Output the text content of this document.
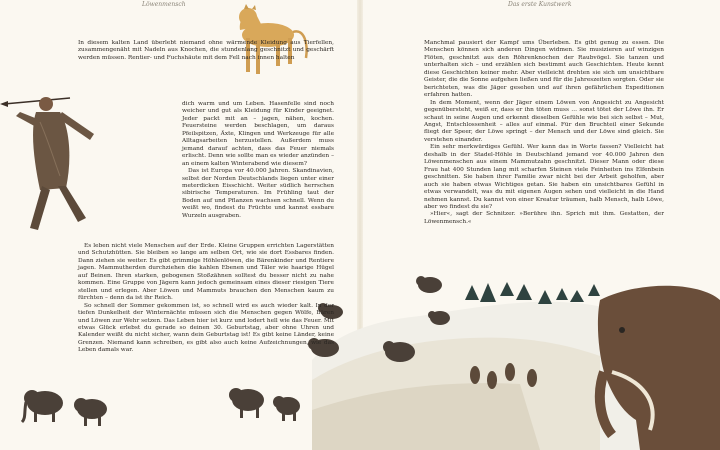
Löwenmensch	Das erste Kunstwerk

In diesem kalten Land überlebt niemand ohne wärmende Kleidung aus Tierfellen, zusammengenäht mit Nadeln aus Knochen, die stundenlang geschnitzt und geschärft werden müssen. Rentier- und Fuchshäute mit dem Fell nach innen halten

dich warm und um Leben. Hasenfelle sind noch weicher und gut als Kleidung für Kinder geeignet. Jeder packt mit an – jagen, nähen, kochen. Feuersteine werden beschlagen, um daraus Pfeilspitzen, Äxte, Klingen und Werkzeuge für alle Alltagsarbeiten herzustellen. Außerdem muss jemand darauf achten, dass das Feuer niemals erlischt. Denn wie sollte man es wieder anzünden – an einem kalten Winterabend wie diesem?

Das ist Europa vor 40.000 Jahren. Skandinavien, selbst der Norden Deutschlands liegen unter einer meterdicken Eisschicht. Weiter südlich herrschen sibirische Temperaturen. Im Frühling taut der Boden auf und Pflanzen wachsen schnell. Wenn du weißt wo, findest du Früchte und kannst essbare Wurzeln ausgraben.

Es leben nicht viele Menschen auf der Erde. Kleine Gruppen errichten Lagerstätten und Schutzhütten. Sie bleiben so lange am selben Ort, wie sie dort Essbares finden. Dann ziehen sie weiter. Es gibt grimmige Höhlenlöwen, die Bärenkinder und Rentiere jagen. Mammutherden durchziehen die kahlen Ebenen und Täler wie haarige Hügel auf Beinen. Ihren starken, gebogenen Stoßzähnen solltest du besser nicht zu nahe kommen. Eine Gruppe von Jägern kann jedoch gemeinsam eines dieser riesigen Tiere stellen und erlegen. Aber Löwen und Mammuts brauchen den Menschen kaum zu fürchten – denn da ist ihr Reich.

So schnell der Sommer gekommen ist, so schnell wird es auch wieder kalt. In der tiefen Dunkelheit der Winternächte müssen sich die Menschen gegen Wölfe, Bären und Löwen zur Wehr setzen. Das Leben hier ist kurz und lodert hell wie das Feuer. Mit etwas Glück erlebst du gerade so deinen 30. Geburtstag, aber ohne Uhren und Kalender weißt du nicht sicher, wann dein Geburtstag ist! Es gibt keine Länder, keine Grenzen. Niemand kann schreiben, es gibt also auch keine Aufzeichnungen, wie das Leben damals war.

Manchmal pausiert der Kampf ums Überleben. Es gibt genug zu essen. Die Menschen können sich anderen Dingen widmen. Sie musizieren auf winzigen Flöten, geschnitzt aus den Röhrenknochen der Raubvögel. Sie tanzen und unterhalten sich – und erzählen sich bestimmt auch Geschichten. Heute kennt diese Geschichten keiner mehr. Aber vielleicht drehten sie sich um unsichtbare Geister, die die Sonne aufgehen ließen und für die Jahreszeiten sorgten. Oder sie berichteten, was die Jäger gesehen und auf ihren gefährlichen Expeditionen erfahren hatten.

In dem Moment, wenn der Jäger einem Löwen von Angesicht zu Angesicht gegenübersteht, weiß er, dass er ihn töten muss … sonst tötet der Löwe ihn. Er schaut in seine Augen und erkennt dieselben Gefühle wie bei sich selbst – Mut, Angst, Entschlossenheit – alles auf einmal. Für den Bruchteil einer Sekunde fliegt der Speer, der Löwe springt – der Mensch und der Löwe sind gleich. Sie verstehen einander.

Ein sehr merkwürdiges Gefühl. Wer kann das in Worte fassen? Vielleicht hat deshalb in der Stadel-Höhle in Deutschland jemand vor 40.000 Jahren den Löwenmenschen aus einem Mammutzahn geschnitzt. Dieser Mann oder diese Frau hat 400 Stunden lang mit scharfen Steinen viele Feinheiten ins Elfenbein geschnitten. Sie haben ihrer Familie zwar nicht bei der Arbeit geholfen, aber auch sie haben etwas Wichtiges getan. Sie haben ein unsichtbares Gefühl in etwas verwandelt, was du mit eigenen Augen sehen und vielleicht in die Hand nehmen kannst. Du kannst von einer Kreatur träumen, halb Mensch, halb Löwe, aber wo findest du sie?

»Hier«, sagt der Schnitzer. »Berühre ihn. Sprich mit ihm. Gestatten, der Löwenmensch.«
